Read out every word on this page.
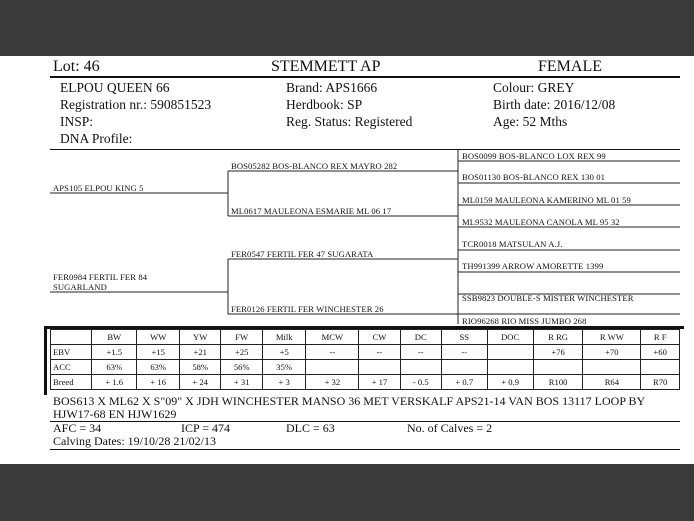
Lot: 46	STEMMETT AP	FEMALE
ELPOU QUEEN 66
Registration nr.: 590851523
INSP:
DNA Profile:
Brand: APS1666
Herdbook: SP
Reg. Status: Registered
Colour: GREY
Birth date: 2016/12/08
Age: 52 Mths
APS105 ELPOU KING 5
FER0984 FERTIL FER 84
SUGARLAND
BOS05282 BOS-BLANCO REX MAYRO 282
ML0617 MAULEONA ESMARIE ML 06 17
FER0547 FERTIL FER 47 SUGARATA
FER0126 FERTIL FER WINCHESTER 26
BOS0099 BOS-BLANCO LOX REX 99
BOS01130 BOS-BLANCO REX 130 01
ML0159 MAULEONA KAMERINO ML 01 59
ML9532 MAULEONA CANOLA ML 95 32
TCR0018 MATSULAN A.J.
TH991399 ARROW AMORETTE 1399
SSB9823 DOUBLE-S MISTER WINCHESTER
RIO96268 RIO MISS JUMBO 268
	BW	WW	YW	FW	Milk	MCW	CW	DC	SS	DOC	R RG	R WW	R F
EBV	+1.5	+15	+21	+25	+5	--	--	--	--		+76	+70	+60
ACC	63%	63%	58%	56%	35%								
Breed	+ 1.6	+ 16	+ 24	+ 31	+ 3	+ 32	+ 17	- 0.5	+ 0.7	+ 0.9	R100	R64	R70
BOS613 X ML62 X S"09" X JDH WINCHESTER MANSO 36 MET VERSKALF APS21-14 VAN BOS 13117 LOOP BY
HJW17-68 EN HJW1629
AFC = 34	ICP = 474	DLC = 63	No. of Calves = 2
Calving Dates: 19/10/28 21/02/13
